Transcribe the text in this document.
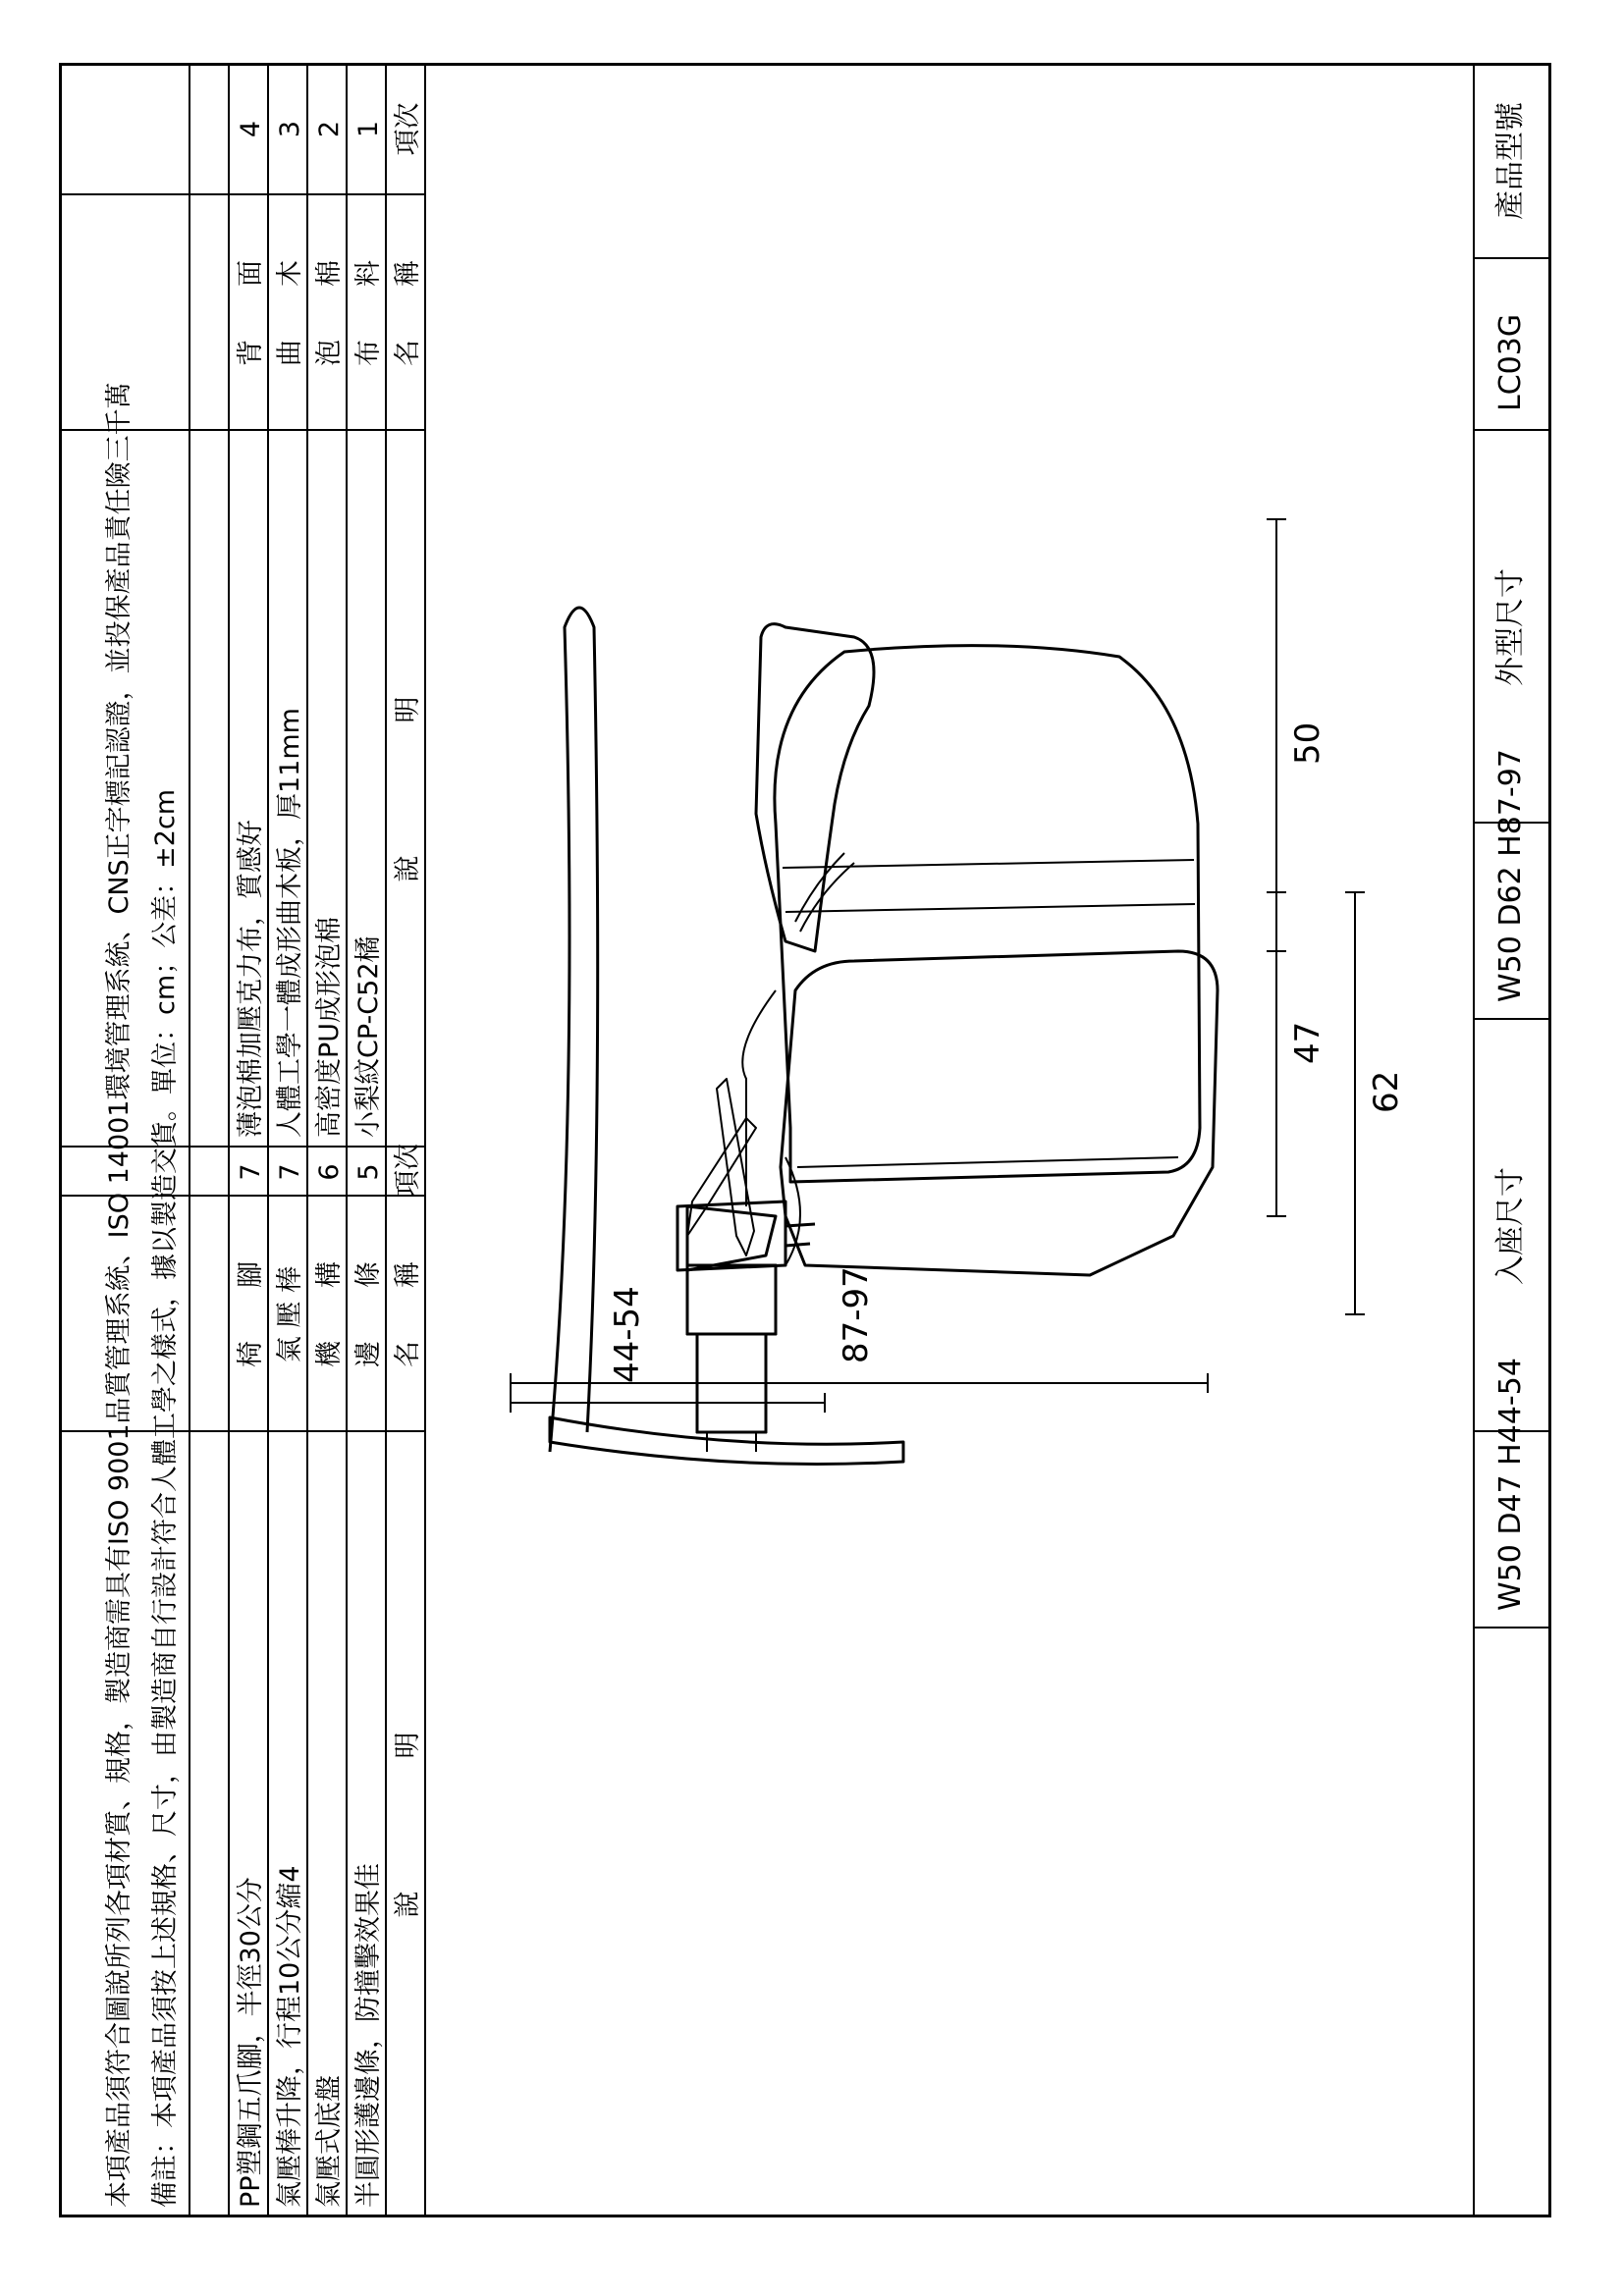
產品型號
LC03G
外型尺寸
W50 D62 H87-97
入座尺寸
W50 D47 H44-54
50
44-54
62
47
87-97
項次
名　　稱
說　　　　　明
項次
名　　稱
說　　　　　明
1
布　　料
小梨紋CP-C52橘
2
泡　　棉
高密度PU成形泡棉
3
曲　　木
人體工學一體成形曲木板，厚11mm
4
背　　面
薄泡棉加壓克力布，質感好
5
邊　　條
半圓形護邊條，防撞擊效果佳
6
機　　構
氣壓式底盤
7
氣 壓 棒
氣壓棒升降，行程10公分縮4
7
椅　　腳
PP塑鋼五爪腳，半徑30公分
備註：本項產品須按上述規格、尺寸，由製造商自行設計符合人體工學之樣式，據以製造交貨。單位：cm；公差：±2cm
本項產品須符合圖說所列各項材質、規格，製造商需具有ISO 9001品質管理系統、ISO 14001環境管理系統、CNS正字標記認證，並投保產品責任險三千萬
